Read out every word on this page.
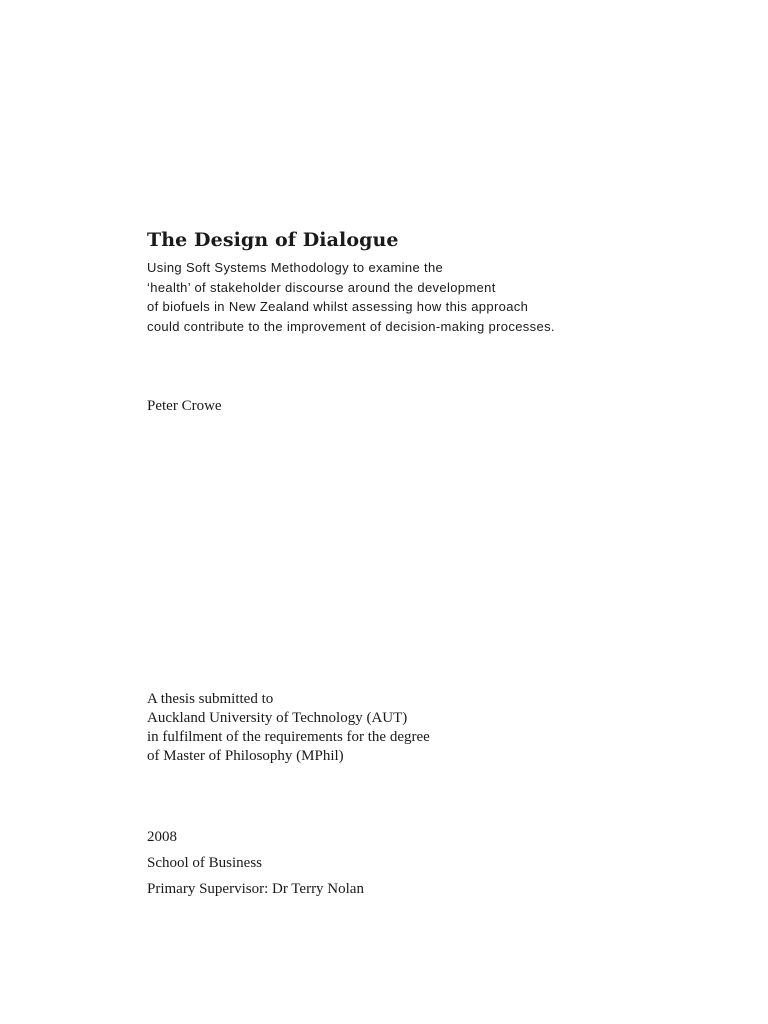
The Design of Dialogue
Using Soft Systems Methodology to examine the
‘health’ of stakeholder discourse around the development
of biofuels in New Zealand whilst assessing how this approach
could contribute to the improvement of decision-making processes.
Peter Crowe
A thesis submitted to
Auckland University of Technology (AUT)
in fulfilment of the requirements for the degree
of Master of Philosophy (MPhil)
2008
School of Business
Primary Supervisor: Dr Terry Nolan
